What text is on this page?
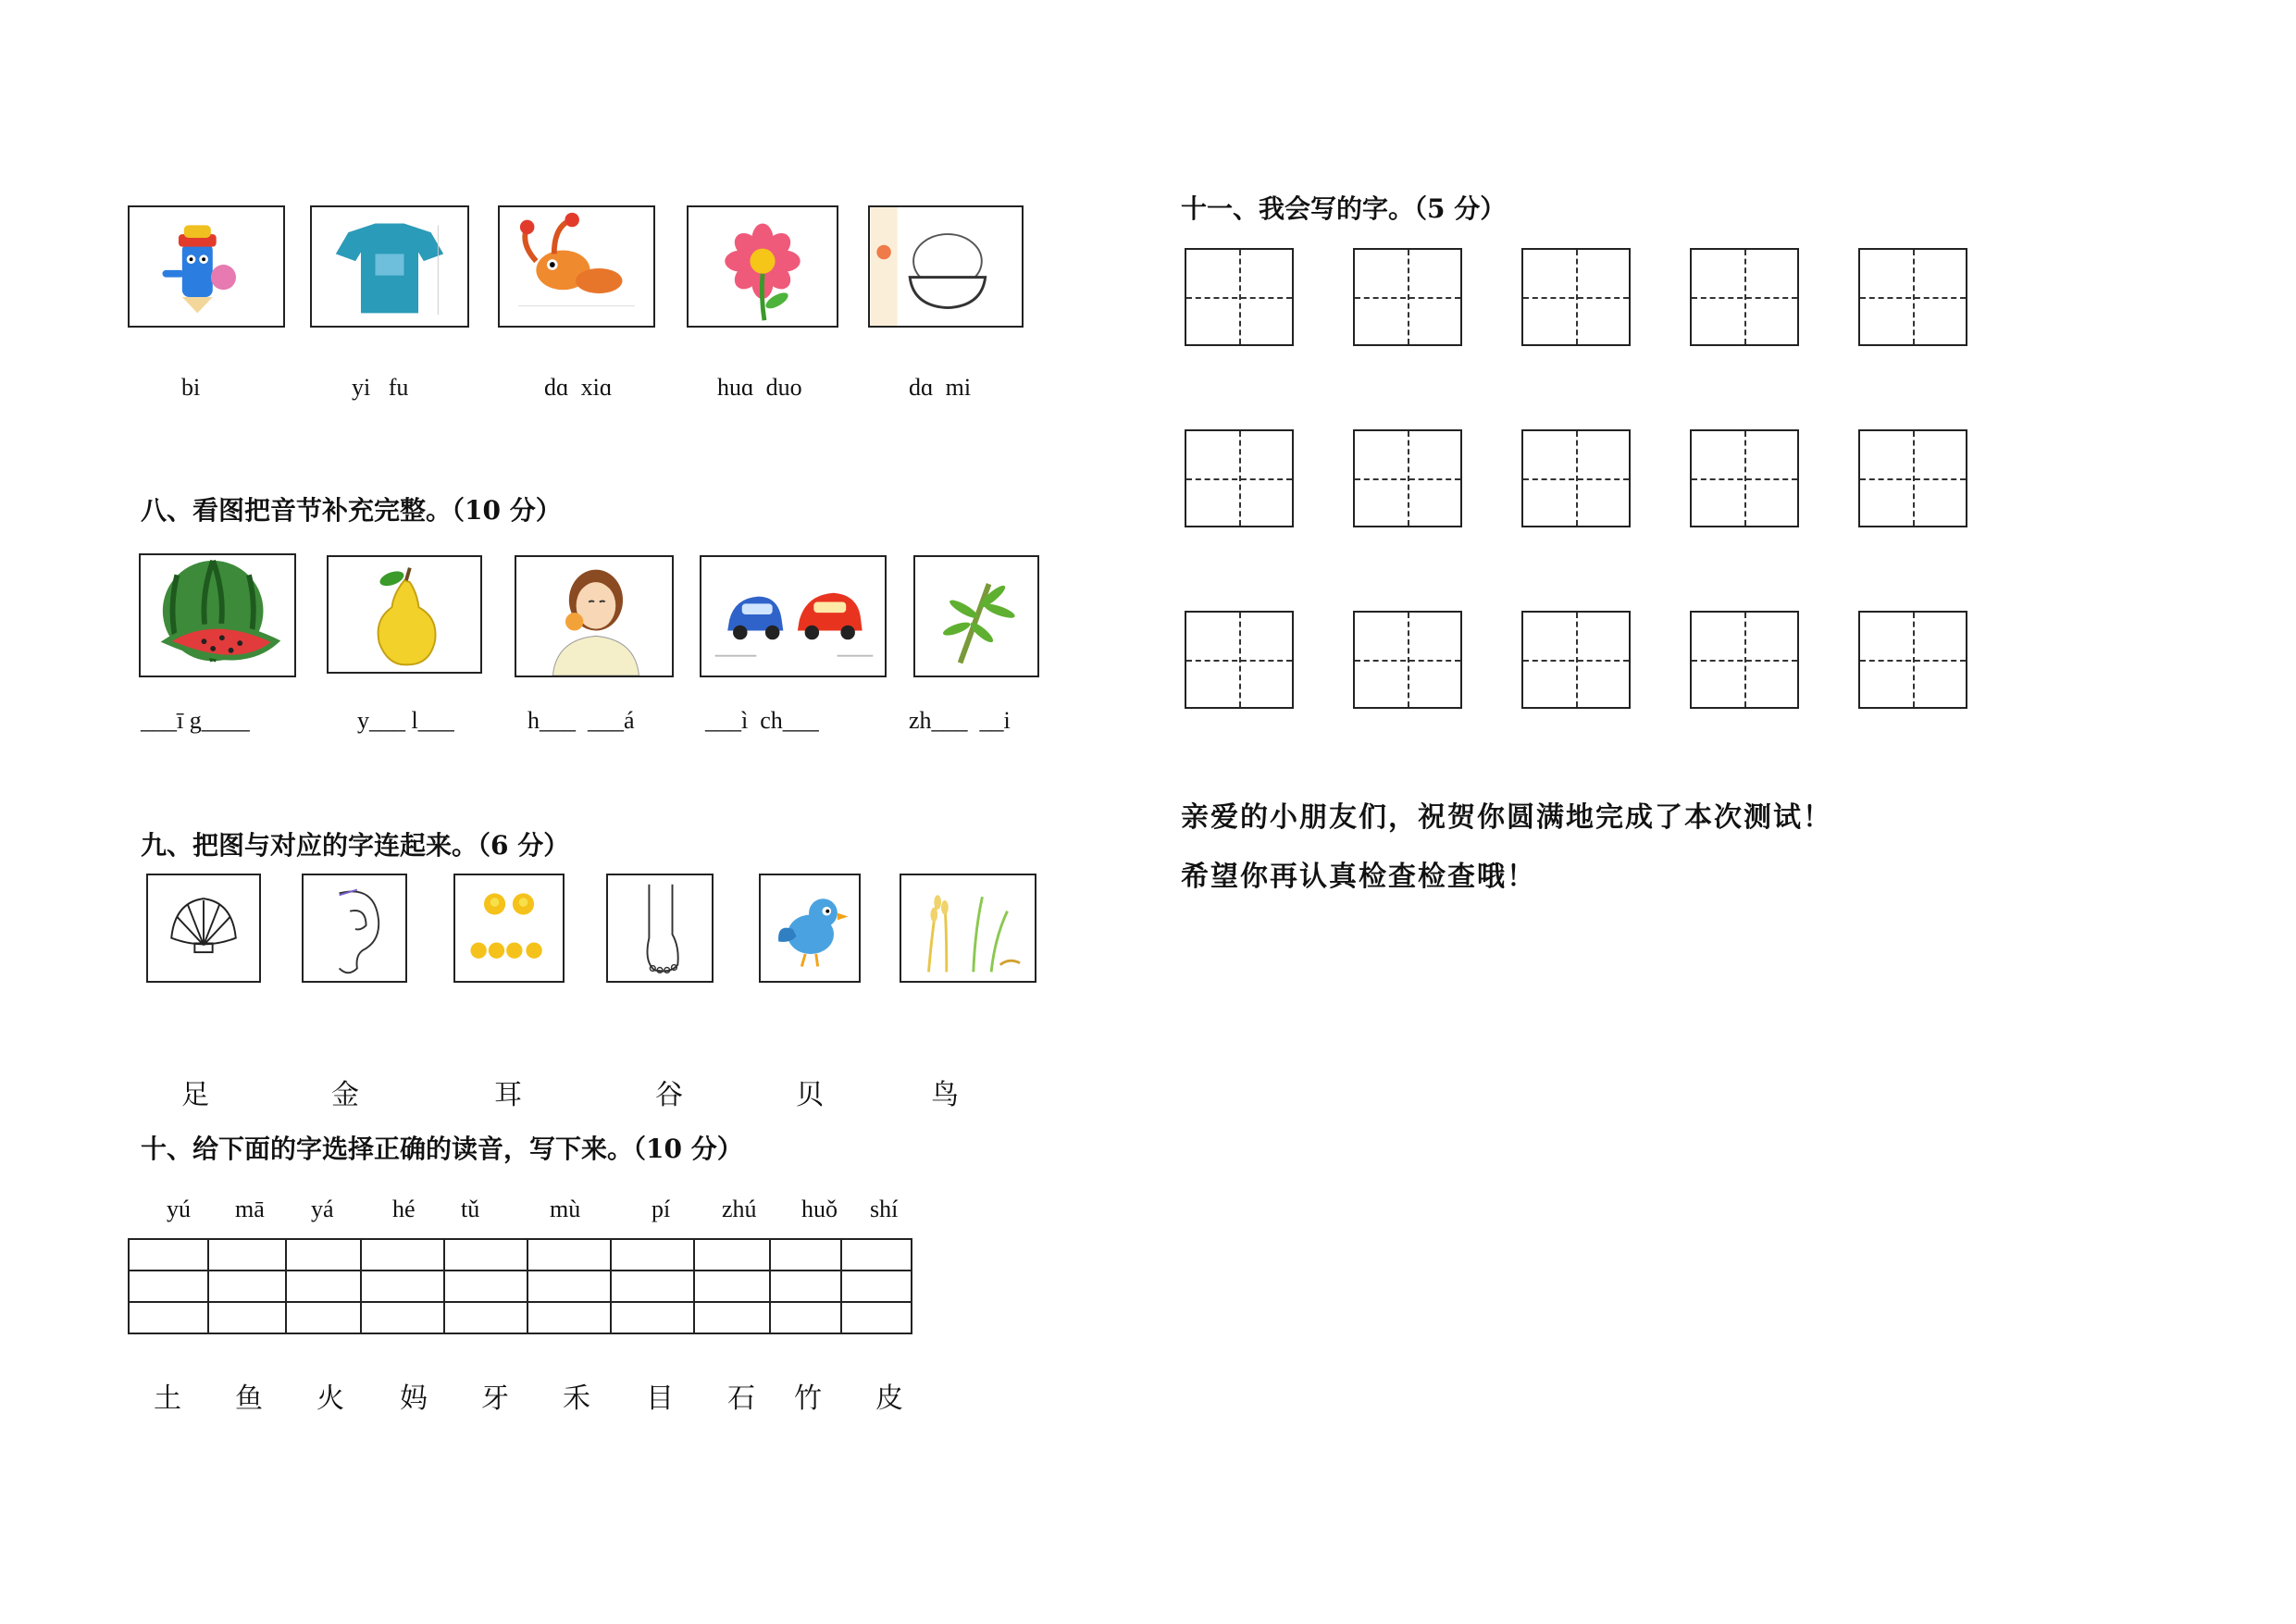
bi	yi   fu	dɑ  xiɑ	huɑ  duo	dɑ  mi
八、看图把音节补充完整。（10 分）
___ī g____	y___ l___	h___  ___á	___ì  ch___	zh___  __i
九、把图与对应的字连起来。（6 分）
足	金	耳	谷	贝	鸟
十、给下面的字选择正确的读音，写下来。（10 分）
yú mā yá hé tǔ	mù	pí zhú huǒ shí

土 鱼 火 妈 牙 禾 目 石 竹 皮
十一、我会写的字。（5 分）
亲爱的小朋友们，祝贺你圆满地完成了本次测试！
希望你再认真检查检查哦！
